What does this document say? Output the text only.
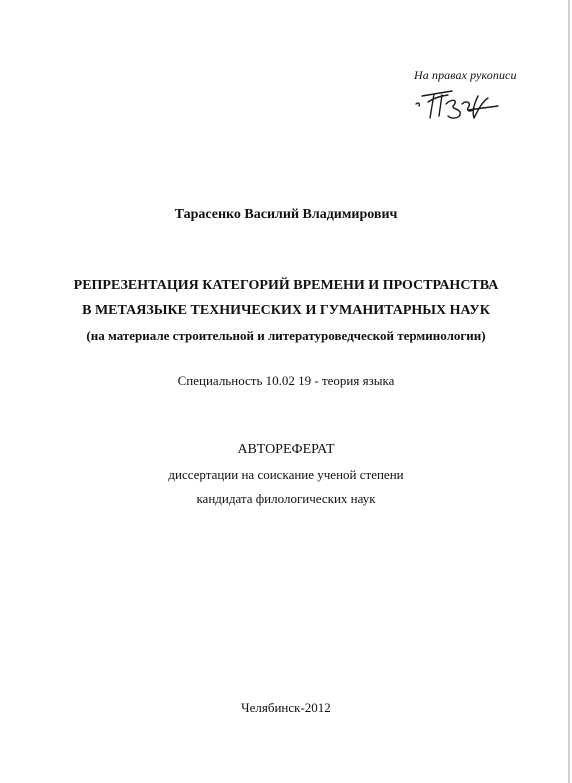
На правах рукописи
Тарасенко Василий Владимирович
РЕПРЕЗЕНТАЦИЯ КАТЕГОРИЙ ВРЕМЕНИ И ПРОСТРАНСТВА
В МЕТАЯЗЫКЕ ТЕХНИЧЕСКИХ И ГУМАНИТАРНЫХ НАУК
(на материале строительной и литературоведческой терминологии)
Специальность 10.02 19 - теория языка
АВТОРЕФЕРАТ
диссертации на соискание ученой степени
кандидата филологических наук
Челябинск-2012
